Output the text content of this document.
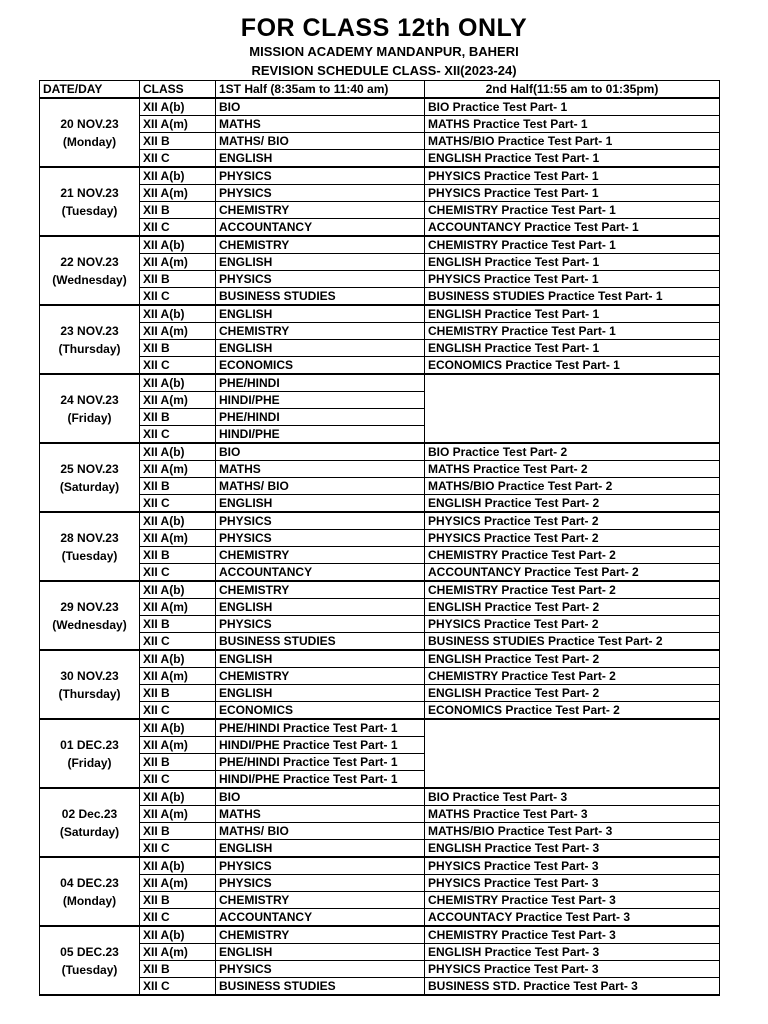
FOR CLASS 12th ONLY
MISSION ACADEMY MANDANPUR, BAHERI
REVISION SCHEDULE CLASS- XII(2023-24)
DATE/DAY	CLASS	1ST Half (8:35am to 11:40 am)	2nd Half(11:55 am to 01:35pm)

20 NOV.23
(Monday)	XII A(b)	BIO	BIO Practice Test Part- 1
	XII A(m)	MATHS	MATHS Practice Test Part- 1
	XII B	MATHS/ BIO	MATHS/BIO Practice Test Part- 1
	XII C	ENGLISH	ENGLISH Practice Test Part- 1

21 NOV.23
(Tuesday)	XII A(b)	PHYSICS	PHYSICS Practice Test Part- 1
	XII A(m)	PHYSICS	PHYSICS Practice Test Part- 1
	XII B	CHEMISTRY	CHEMISTRY Practice Test Part- 1
	XII C	ACCOUNTANCY	ACCOUNTANCY Practice Test Part- 1

22 NOV.23
(Wednesday)	XII A(b)	CHEMISTRY	CHEMISTRY Practice Test Part- 1
	XII A(m)	ENGLISH	ENGLISH Practice Test Part- 1
	XII B	PHYSICS	PHYSICS Practice Test Part- 1
	XII C	BUSINESS STUDIES	BUSINESS STUDIES Practice Test Part- 1

23 NOV.23
(Thursday)	XII A(b)	ENGLISH	ENGLISH Practice Test Part- 1
	XII A(m)	CHEMISTRY	CHEMISTRY Practice Test Part- 1
	XII B	ENGLISH	ENGLISH Practice Test Part- 1
	XII C	ECONOMICS	ECONOMICS Practice Test Part- 1

24 NOV.23
(Friday)	XII A(b)	PHE/HINDI	
	XII A(m)	HINDI/PHE	
	XII B	PHE/HINDI	
	XII C	HINDI/PHE	

25 NOV.23
(Saturday)	XII A(b)	BIO	BIO Practice Test Part- 2
	XII A(m)	MATHS	MATHS Practice Test Part- 2
	XII B	MATHS/ BIO	MATHS/BIO Practice Test Part- 2
	XII C	ENGLISH	ENGLISH Practice Test Part- 2

28 NOV.23
(Tuesday)	XII A(b)	PHYSICS	PHYSICS Practice Test Part- 2
	XII A(m)	PHYSICS	PHYSICS Practice Test Part- 2
	XII B	CHEMISTRY	CHEMISTRY Practice Test Part- 2
	XII C	ACCOUNTANCY	ACCOUNTANCY Practice Test Part- 2

29 NOV.23
(Wednesday)	XII A(b)	CHEMISTRY	CHEMISTRY Practice Test Part- 2
	XII A(m)	ENGLISH	ENGLISH Practice Test Part- 2
	XII B	PHYSICS	PHYSICS Practice Test Part- 2
	XII C	BUSINESS STUDIES	BUSINESS STUDIES Practice Test Part- 2

30 NOV.23
(Thursday)	XII A(b)	ENGLISH	ENGLISH Practice Test Part- 2
	XII A(m)	CHEMISTRY	CHEMISTRY Practice Test Part- 2
	XII B	ENGLISH	ENGLISH Practice Test Part- 2
	XII C	ECONOMICS	ECONOMICS Practice Test Part- 2

01 DEC.23
(Friday)	XII A(b)	PHE/HINDI Practice Test Part- 1	
	XII A(m)	HINDI/PHE Practice Test Part- 1	
	XII B	PHE/HINDI Practice Test Part- 1	
	XII C	HINDI/PHE Practice Test Part- 1	

02 Dec.23
(Saturday)	XII A(b)	BIO	BIO Practice Test Part- 3
	XII A(m)	MATHS	MATHS Practice Test Part- 3
	XII B	MATHS/ BIO	MATHS/BIO Practice Test Part- 3
	XII C	ENGLISH	ENGLISH Practice Test Part- 3

04 DEC.23
(Monday)	XII A(b)	PHYSICS	PHYSICS Practice Test Part- 3
	XII A(m)	PHYSICS	PHYSICS Practice Test Part- 3
	XII B	CHEMISTRY	CHEMISTRY Practice Test Part- 3
	XII C	ACCOUNTANCY	ACCOUNTACY Practice Test Part- 3

05 DEC.23
(Tuesday)	XII A(b)	CHEMISTRY	CHEMISTRY Practice Test Part- 3
	XII A(m)	ENGLISH	ENGLISH Practice Test Part- 3
	XII B	PHYSICS	PHYSICS Practice Test Part- 3
	XII C	BUSINESS STUDIES	BUSINESS STD. Practice Test Part- 3
